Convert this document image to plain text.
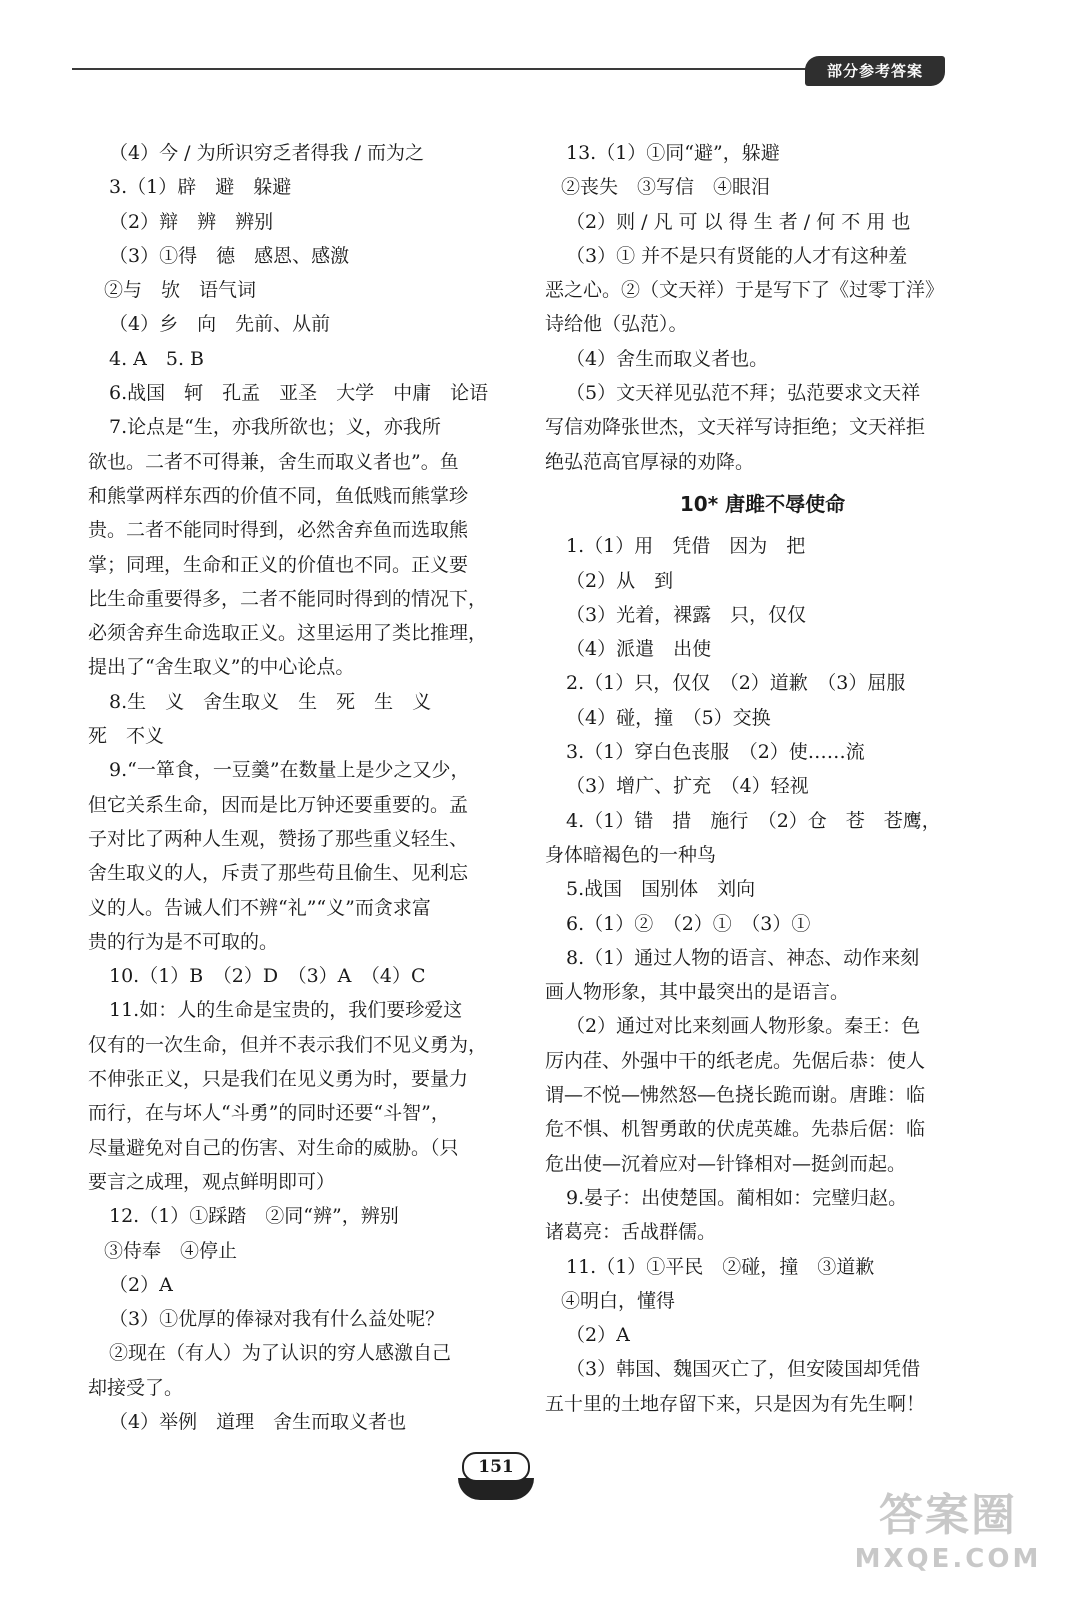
部分参考答案
（4）今 / 为所识穷乏者得我 / 而为之
3.（1）辟　避　躲避
（2）辩　辨　辨别
（3）①得　德　感恩、感激
②与　欤　语气词
（4）乡　向　先前、从前
4. A　5. B
6.战国　轲　孔孟　亚圣　大学　中庸　论语
7.论点是“生，亦我所欲也；义，亦我所
欲也。二者不可得兼，舍生而取义者也”。鱼
和熊掌两样东西的价值不同，鱼低贱而熊掌珍
贵。二者不能同时得到，必然舍弃鱼而选取熊
掌；同理，生命和正义的价值也不同。正义要
比生命重要得多，二者不能同时得到的情况下，
必须舍弃生命选取正义。这里运用了类比推理，
提出了“舍生取义”的中心论点。
8.生　义　舍生取义　生　死　生　义
死　不义
9.“一箪食，一豆羹”在数量上是少之又少，
但它关系生命，因而是比万钟还要重要的。孟
子对比了两种人生观，赞扬了那些重义轻生、
舍生取义的人，斥责了那些苟且偷生、见利忘
义的人。告诫人们不辨“礼”“义”而贪求富
贵的行为是不可取的。
10.（1）B　（2）D　（3）A　（4）C
11.如：人的生命是宝贵的，我们要珍爱这
仅有的一次生命，但并不表示我们不见义勇为，
不伸张正义，只是我们在见义勇为时，要量力
而行，在与坏人“斗勇”的同时还要“斗智”，
尽量避免对自己的伤害、对生命的威胁。（只
要言之成理，观点鲜明即可）
12.（1）①踩踏　②同“辨”，辨别
③侍奉　④停止
（2）A
（3）①优厚的俸禄对我有什么益处呢？
②现在（有人）为了认识的穷人感激自己
却接受了。
（4）举例　道理　舍生而取义者也
13.（1）①同“避”，躲避
②丧失　③写信　④眼泪
（2）则 / 凡 可 以 得 生 者 / 何 不 用 也
（3）① 并不是只有贤能的人才有这种羞
恶之心。②（文天祥）于是写下了《过零丁洋》
诗给他（弘范）。
（4）舍生而取义者也。
（5）文天祥见弘范不拜；弘范要求文天祥
写信劝降张世杰，文天祥写诗拒绝；文天祥拒
绝弘范高官厚禄的劝降。
10* 唐雎不辱使命
1.（1）用　凭借　因为　把
（2）从　到
（3）光着，裸露　只，仅仅
（4）派遣　出使
2.（1）只，仅仅　（2）道歉　（3）屈服
（4）碰，撞　（5）交换
3.（1）穿白色丧服　（2）使……流
（3）增广、扩充　（4）轻视
4.（1）错　措　施行　（2）仓　苍　苍鹰，
身体暗褐色的一种鸟
5.战国　国别体　刘向
6.（1）②　（2）①　（3）①
8.（1）通过人物的语言、神态、动作来刻
画人物形象，其中最突出的是语言。
（2）通过对比来刻画人物形象。秦王：色
厉内荏、外强中干的纸老虎。先倨后恭：使人
谓—不悦—怫然怒—色挠长跪而谢。唐雎：临
危不惧、机智勇敢的伏虎英雄。先恭后倨：临
危出使—沉着应对—针锋相对—挺剑而起。
9.晏子：出使楚国。蔺相如：完璧归赵。
诸葛亮：舌战群儒。
11.（1）①平民　②碰，撞　③道歉
④明白，懂得
（2）A
（3）韩国、魏国灭亡了，但安陵国却凭借
五十里的土地存留下来，只是因为有先生啊！
151
答案圈
MXQE.COM
